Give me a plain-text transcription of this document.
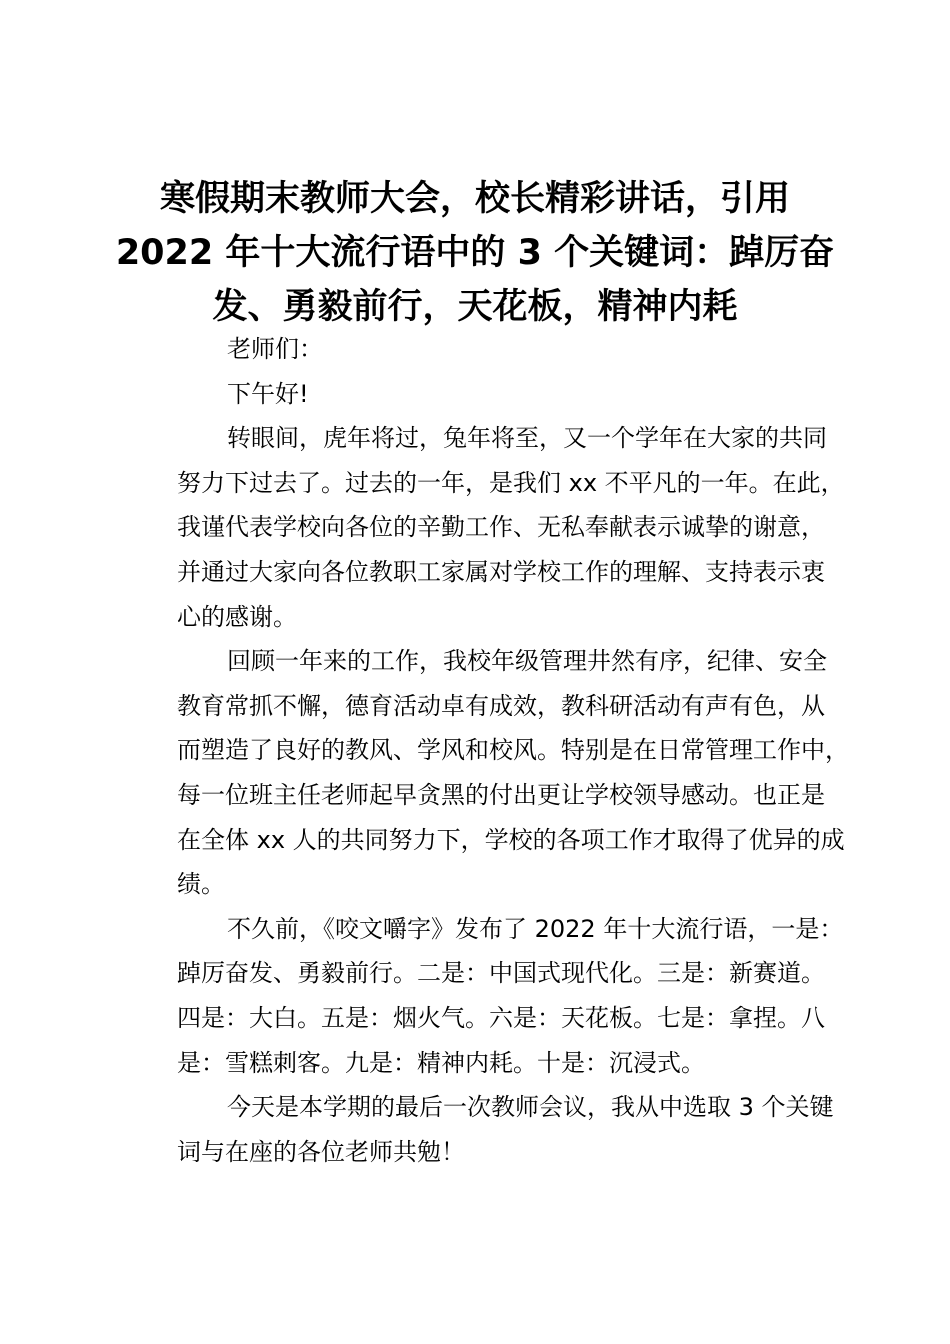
寒假期末教师大会，校长精彩讲话，引用
2022 年十大流行语中的 3 个关键词：踔厉奋
发、勇毅前行，天花板，精神内耗
老师们：
下午好!
转眼间，虎年将过，兔年将至，又一个学年在大家的共同
努力下过去了。过去的一年，是我们 xx 不平凡的一年。在此，
我谨代表学校向各位的辛勤工作、无私奉献表示诚挚的谢意，
并通过大家向各位教职工家属对学校工作的理解、支持表示衷
心的感谢。
回顾一年来的工作，我校年级管理井然有序，纪律、安全
教育常抓不懈，德育活动卓有成效，教科研活动有声有色，从
而塑造了良好的教风、学风和校风。特别是在日常管理工作中，
每一位班主任老师起早贪黑的付出更让学校领导感动。也正是
在全体 xx 人的共同努力下，学校的各项工作才取得了优异的成
绩。
不久前，《咬文嚼字》发布了 2022 年十大流行语，一是：
踔厉奋发、勇毅前行。二是：中国式现代化。三是：新赛道。
四是：大白。五是：烟火气。六是：天花板。七是：拿捏。八
是：雪糕刺客。九是：精神内耗。十是：沉浸式。
今天是本学期的最后一次教师会议，我从中选取 3 个关键
词与在座的各位老师共勉！
